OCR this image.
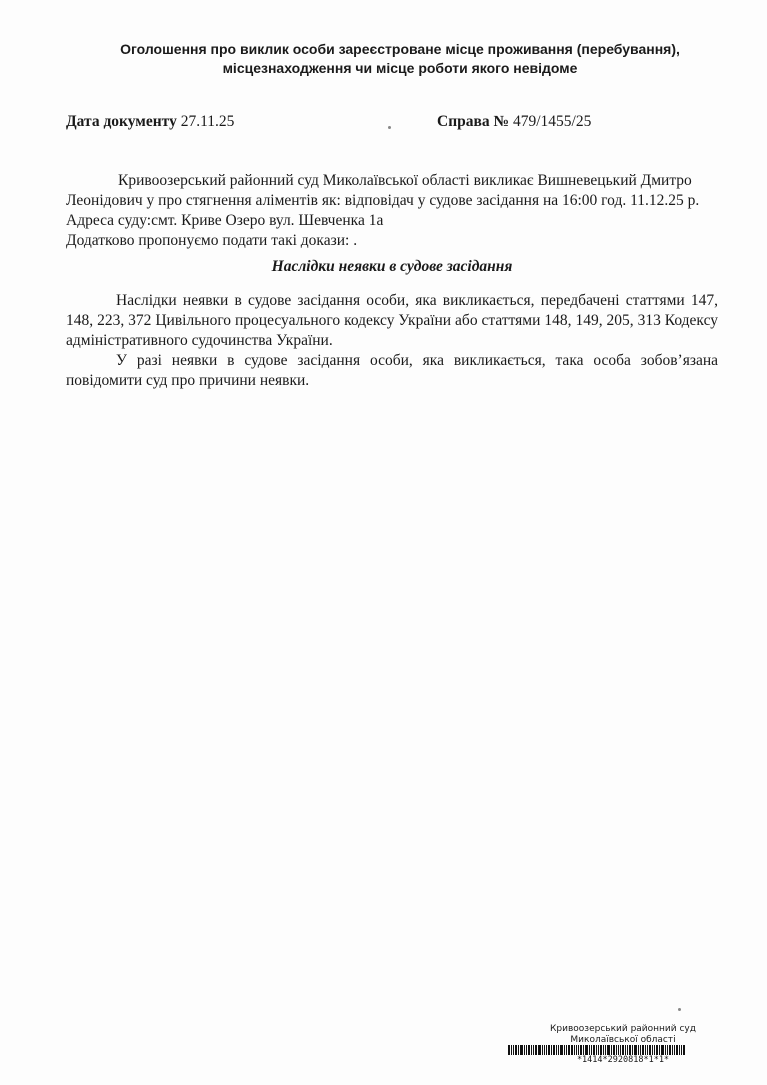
Оголошення про виклик особи зареєстроване місце проживання (перебування),
місцезнаходження чи місце роботи якого невідоме
Дата документу 27.11.25	Справа № 479/1455/25
Кривоозерський районний суд Миколаївської області викликає Вишневецький Дмитро
Леонідович у про стягнення аліментів як: відповідач у судове засідання на 16:00 год. 11.12.25 р.
Адреса суду:смт. Криве Озеро вул. Шевченка 1а
Додатково пропонуємо подати такі докази: .
Наслідки неявки в судове засідання

Наслідки неявки в судове засідання особи, яка викликається, передбачені статтями 147, 148, 223, 372 Цивільного процесуального кодексу України або статтями 148, 149, 205, 313 Кодексу адміністративного судочинства України.

У разі неявки в судове засідання особи, яка викликається, така особа зобов’язана повідомити суд про причини неявки.

Кривоозерський районний суд
Миколаївської області
*1414*2920818*1*1*
